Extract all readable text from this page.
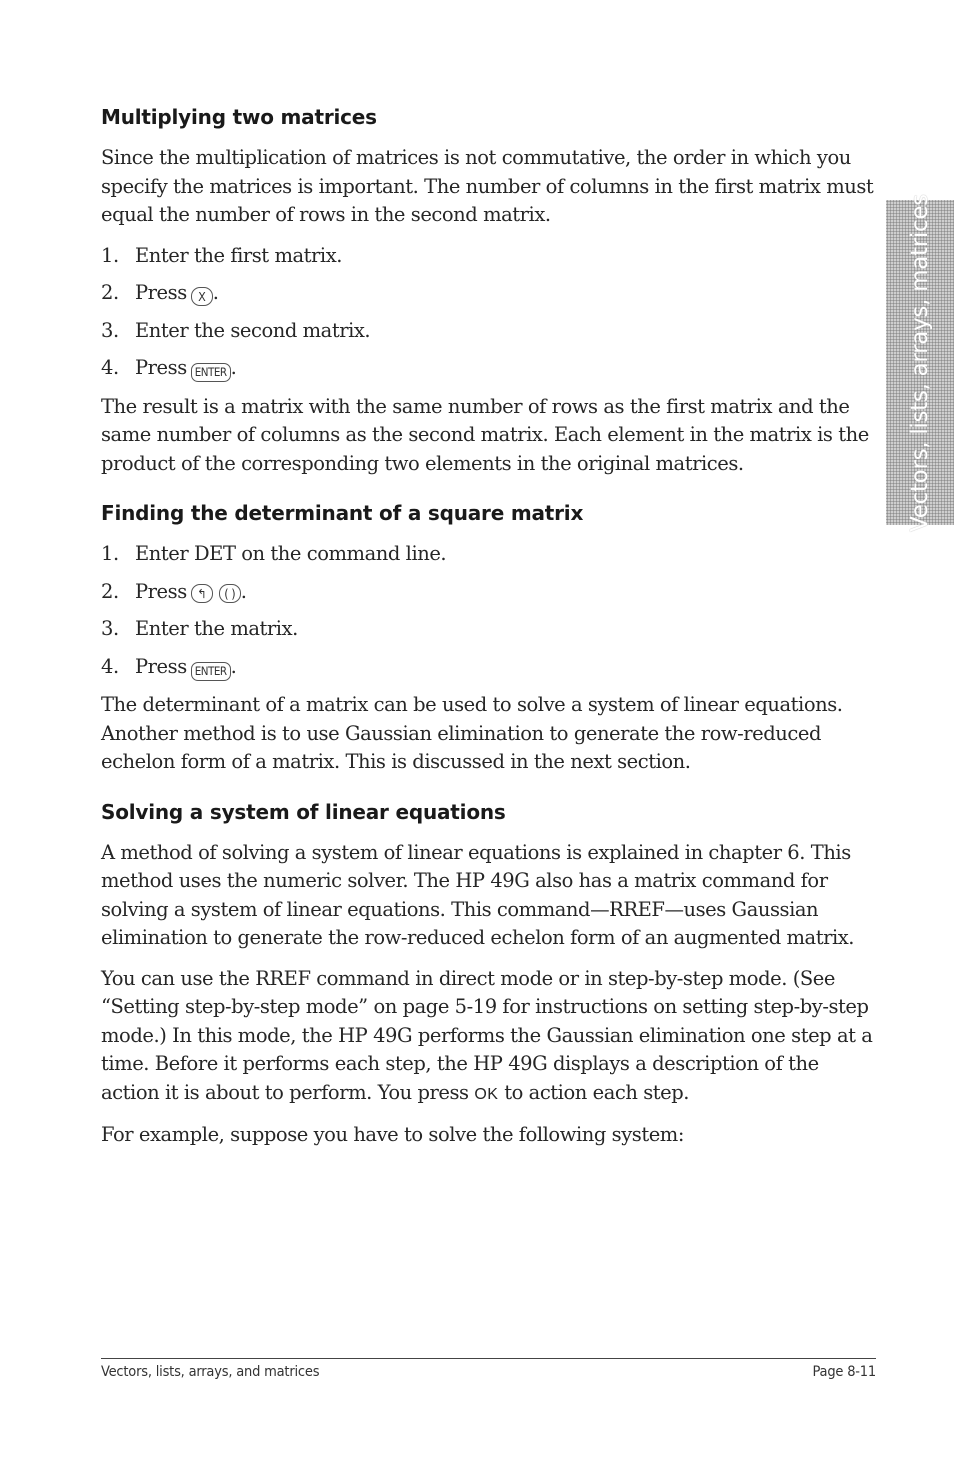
Multiplying two matrices

Since the multiplication of matrices is not commutative, the order in which you specify the matrices is important. The number of columns in the first matrix must equal the number of rows in the second matrix.

1. Enter the first matrix.
2. Press X .
3. Enter the second matrix.
4. Press ENTER .

The result is a matrix with the same number of rows as the first matrix and the same number of columns as the second matrix. Each element in the matrix is the product of the corresponding two elements in the original matrices.

Finding the determinant of a square matrix
1. Enter DET on the command line.
2. Press ↰	( ) .
3. Enter the matrix.
4. Press ENTER .

The determinant of a matrix can be used to solve a system of linear equations. Another method is to use Gaussian elimination to generate the row-reduced echelon form of a matrix. This is discussed in the next section.

Solving a system of linear equations

A method of solving a system of linear equations is explained in chapter 6. This method uses the numeric solver. The HP 49G also has a matrix command for solving a system of linear equations. This command—RREF—uses Gaussian elimination to generate the row-reduced echelon form of an augmented matrix.

You can use the RREF command in direct mode or in step-by-step mode. (See “Setting step-by-step mode” on page 5-19 for instructions on setting step-by-step mode.) In this mode, the HP 49G performs the Gaussian elimination one step at a time. Before it performs each step, the HP 49G displays a description of the action it is about to perform. You press OK to action each step.

For example, suppose you have to solve the following system:

Vectors, lists, arrays, matrices
Vectors, lists, arrays, and matrices	Page 8-11
